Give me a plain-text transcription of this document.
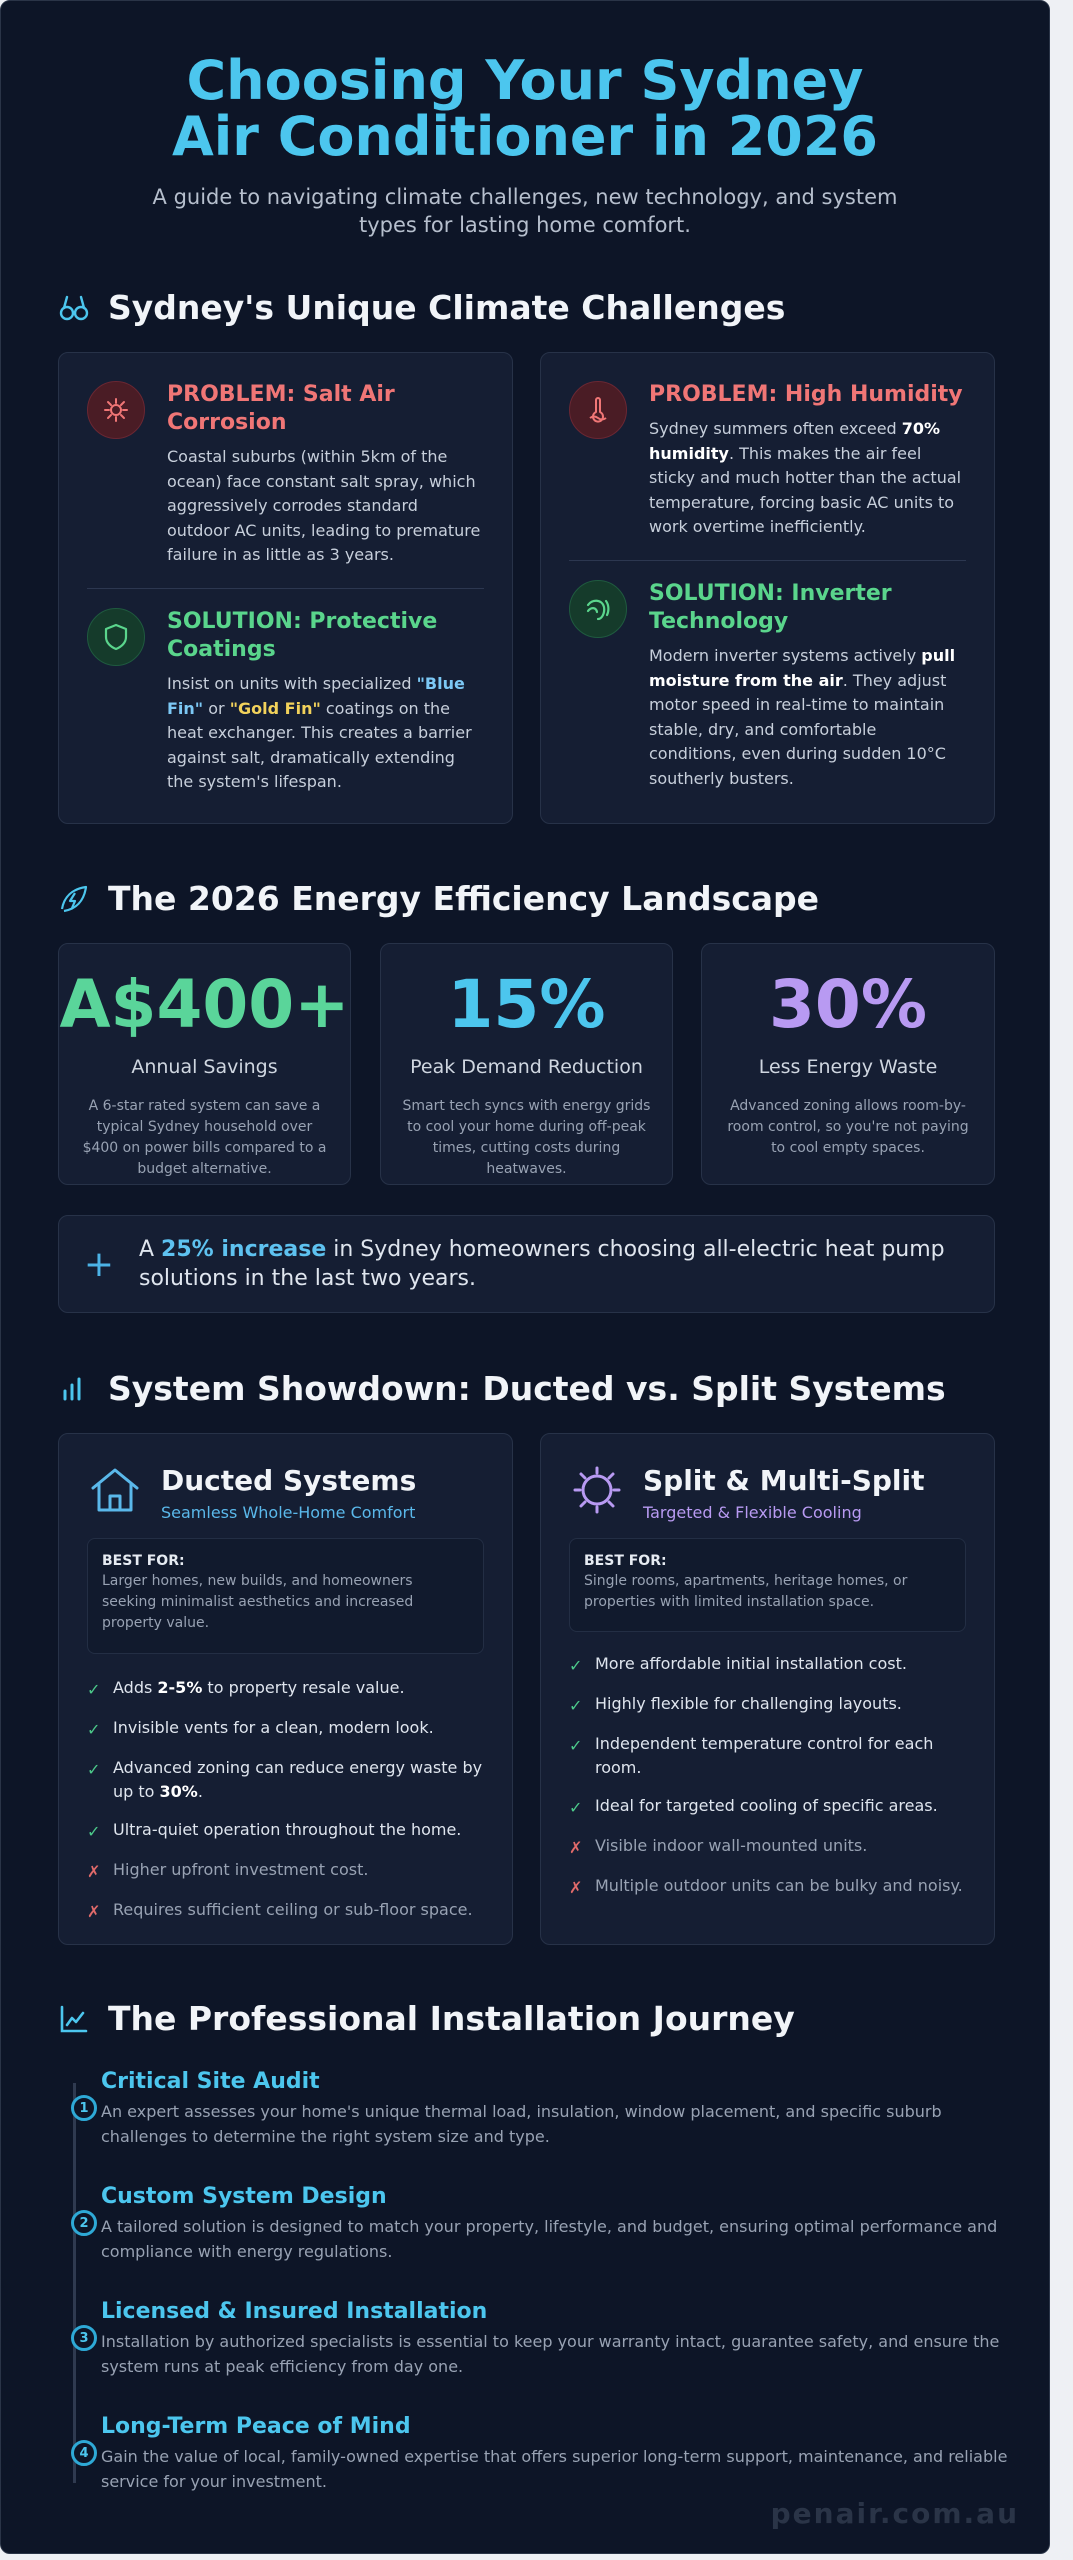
Choosing Your Sydney Air Conditioner in 2026
A guide to navigating climate challenges, new technology, and system types for lasting home comfort.
Sydney's Unique Climate Challenges
PROBLEM: Salt Air Corrosion
Coastal suburbs (within 5km of the ocean) face constant salt spray, which aggressively corrodes standard outdoor AC units, leading to premature failure in as little as 3 years.
SOLUTION: Protective Coatings
Insist on units with specialized "Blue Fin" or "Gold Fin" coatings on the heat exchanger. This creates a barrier against salt, dramatically extending the system's lifespan.
PROBLEM: High Humidity
Sydney summers often exceed 70% humidity. This makes the air feel sticky and much hotter than the actual temperature, forcing basic AC units to work overtime inefficiently.
SOLUTION: Inverter Technology
Modern inverter systems actively pull moisture from the air. They adjust motor speed in real-time to maintain stable, dry, and comfortable conditions, even during sudden 10°C southerly busters.
The 2026 Energy Efficiency Landscape
A$400+
Annual Savings
A 6-star rated system can save a typical Sydney household over $400 on power bills compared to a budget alternative.
15%
Peak Demand Reduction
Smart tech syncs with energy grids to cool your home during off-peak times, cutting costs during heatwaves.
30%
Less Energy Waste
Advanced zoning allows room-by-room control, so you're not paying to cool empty spaces.
+	A 25% increase in Sydney homeowners choosing all-electric heat pump solutions in the last two years.
System Showdown: Ducted vs. Split Systems
Ducted Systems
Seamless Whole-Home Comfort
BEST FOR:
Larger homes, new builds, and homeowners seeking minimalist aesthetics and increased property value.
✓ Adds 2-5% to property resale value.
✓ Invisible vents for a clean, modern look.
✓ Advanced zoning can reduce energy waste by up to 30%.
✓ Ultra-quiet operation throughout the home.
✗ Higher upfront investment cost.
✗ Requires sufficient ceiling or sub-floor space.
Split & Multi-Split
Targeted & Flexible Cooling
BEST FOR:
Single rooms, apartments, heritage homes, or properties with limited installation space.
✓ More affordable initial installation cost.
✓ Highly flexible for challenging layouts.
✓ Independent temperature control for each room.
✓ Ideal for targeted cooling of specific areas.
✗ Visible indoor wall-mounted units.
✗ Multiple outdoor units can be bulky and noisy.
The Professional Installation Journey
1
Critical Site Audit
An expert assesses your home's unique thermal load, insulation, window placement, and specific suburb challenges to determine the right system size and type.
2
Custom System Design
A tailored solution is designed to match your property, lifestyle, and budget, ensuring optimal performance and compliance with energy regulations.
3
Licensed & Insured Installation
Installation by authorized specialists is essential to keep your warranty intact, guarantee safety, and ensure the system runs at peak efficiency from day one.
4
Long-Term Peace of Mind
Gain the value of local, family-owned expertise that offers superior long-term support, maintenance, and reliable service for your investment.
penair.com.au
